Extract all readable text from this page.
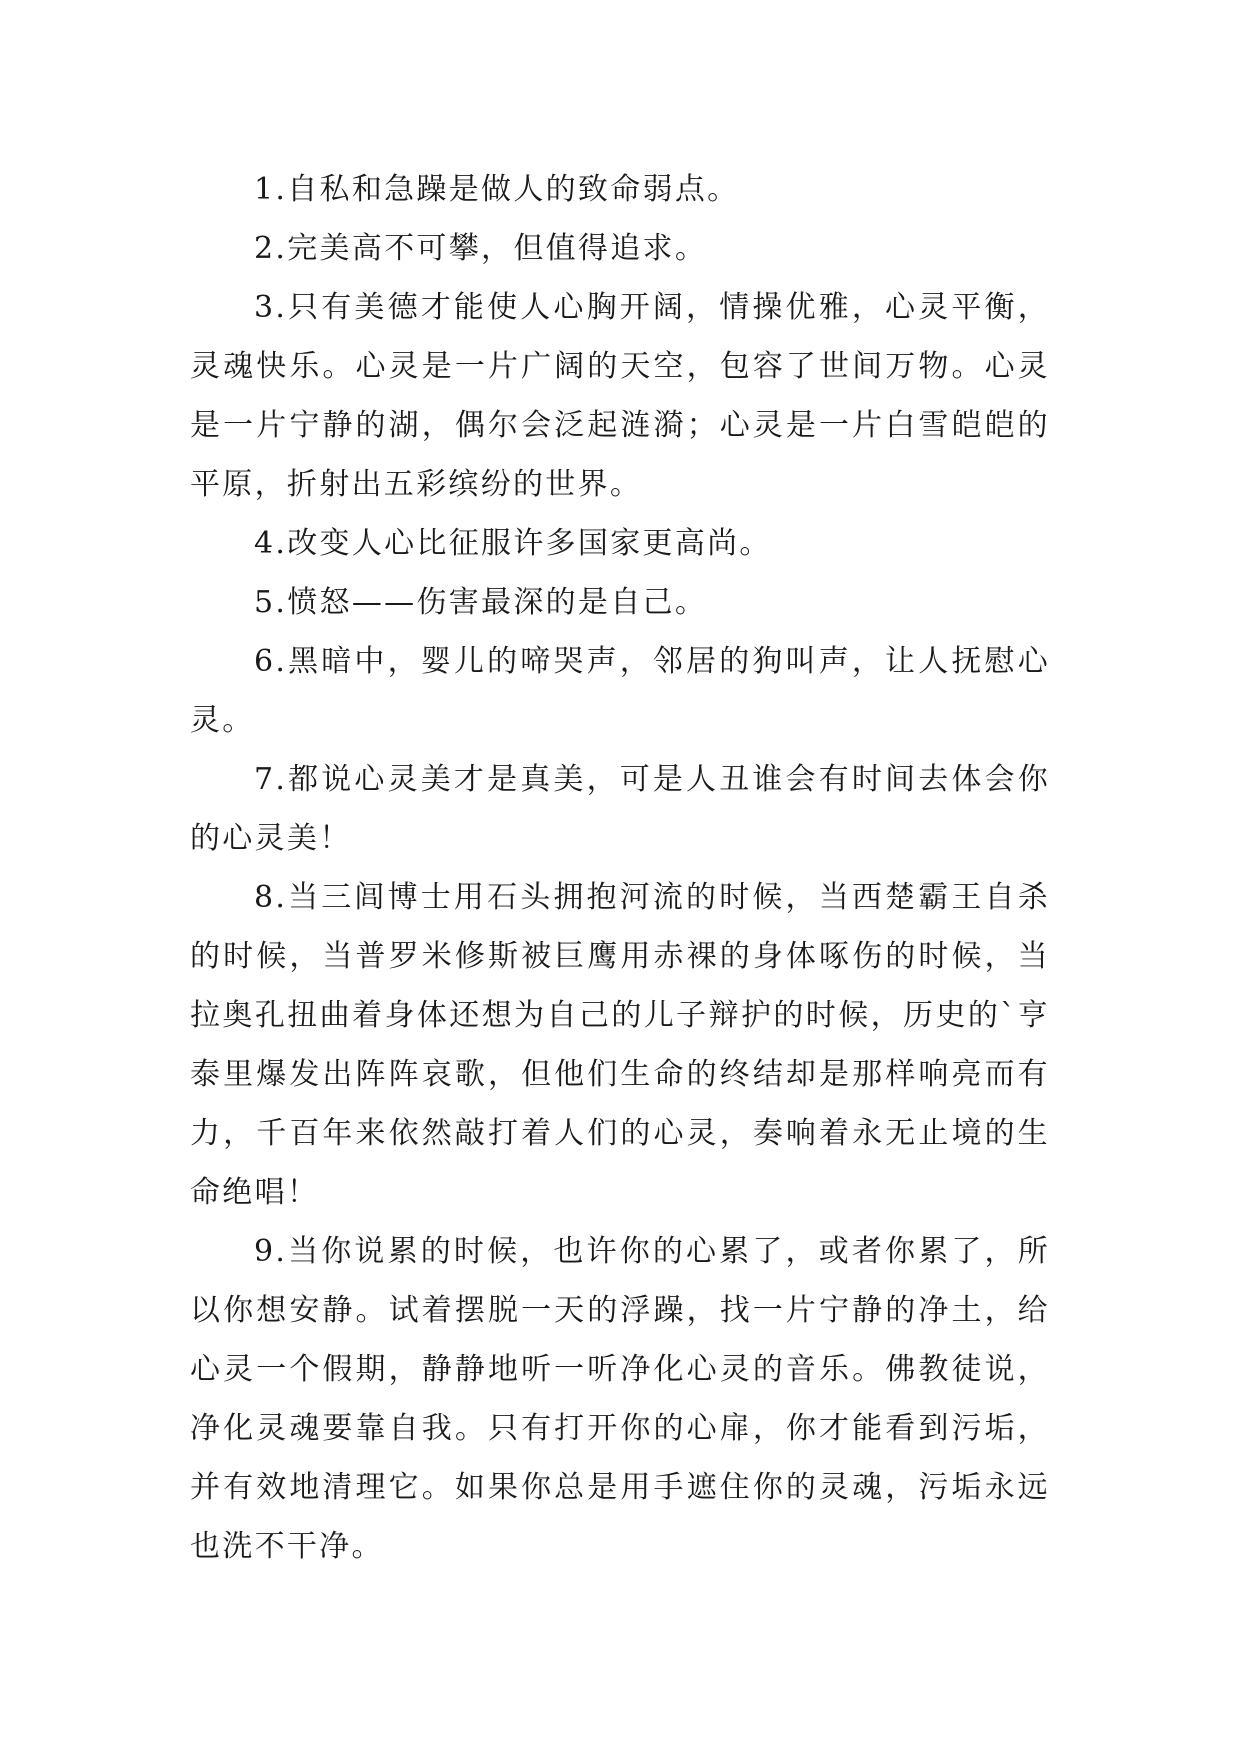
1.自私和急躁是做人的致命弱点。

2.完美高不可攀，但值得追求。

3.只有美德才能使人心胸开阔，情操优雅，心灵平衡，灵魂快乐。心灵是一片广阔的天空，包容了世间万物。心灵是一片宁静的湖，偶尔会泛起涟漪；心灵是一片白雪皑皑的平原，折射出五彩缤纷的世界。

4.改变人心比征服许多国家更高尚。

5.愤怒——伤害最深的是自己。

6.黑暗中，婴儿的啼哭声，邻居的狗叫声，让人抚慰心灵。

7.都说心灵美才是真美，可是人丑谁会有时间去体会你的心灵美！

8.当三闾博士用石头拥抱河流的时候，当西楚霸王自杀的时候，当普罗米修斯被巨鹰用赤裸的身体啄伤的时候，当拉奥孔扭曲着身体还想为自己的儿子辩护的时候，历史的`亨泰里爆发出阵阵哀歌，但他们生命的终结却是那样响亮而有力，千百年来依然敲打着人们的心灵，奏响着永无止境的生命绝唱！

9.当你说累的时候，也许你的心累了，或者你累了，所以你想安静。试着摆脱一天的浮躁，找一片宁静的净土，给心灵一个假期，静静地听一听净化心灵的音乐。佛教徒说，净化灵魂要靠自我。只有打开你的心扉，你才能看到污垢，并有效地清理它。如果你总是用手遮住你的灵魂，污垢永远也洗不干净。
